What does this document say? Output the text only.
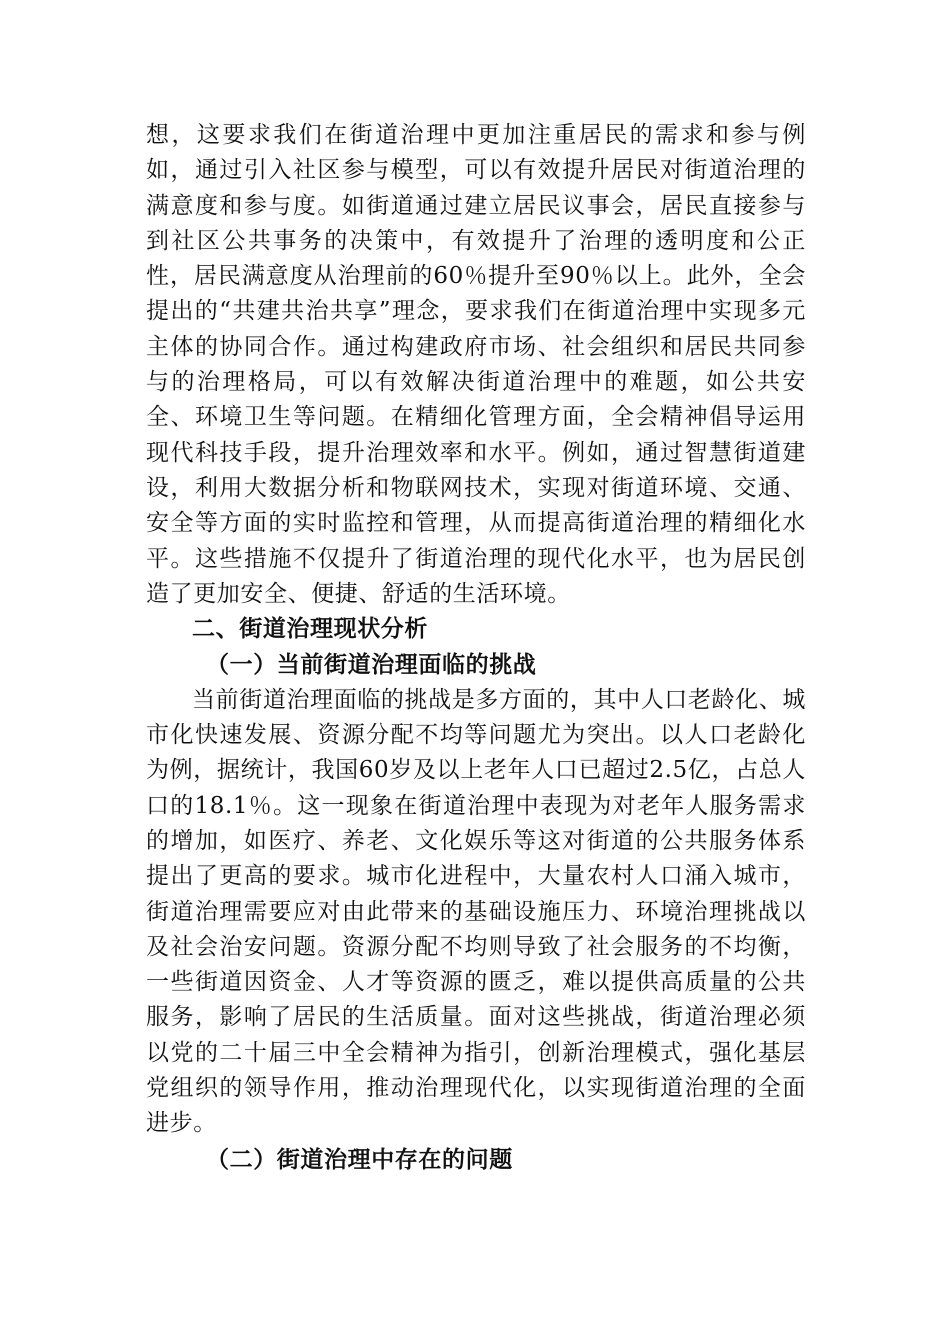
想，这要求我们在街道治理中更加注重居民的需求和参与例如，通过引入社区参与模型，可以有效提升居民对街道治理的满意度和参与度。如街道通过建立居民议事会，居民直接参与到社区公共事务的决策中，有效提升了治理的透明度和公正性，居民满意度从治理前的60％提升至90％以上。此外，全会提出的“共建共治共享”理念，要求我们在街道治理中实现多元主体的协同合作。通过构建政府市场、社会组织和居民共同参与的治理格局，可以有效解决街道治理中的难题，如公共安全、环境卫生等问题。在精细化管理方面，全会精神倡导运用现代科技手段，提升治理效率和水平。例如，通过智慧街道建设，利用大数据分析和物联网技术，实现对街道环境、交通、安全等方面的实时监控和管理，从而提高街道治理的精细化水平。这些措施不仅提升了街道治理的现代化水平，也为居民创造了更加安全、便捷、舒适的生活环境。

二、街道治理现状分析
（一）当前街道治理面临的挑战

当前街道治理面临的挑战是多方面的，其中人口老龄化、城市化快速发展、资源分配不均等问题尤为突出。以人口老龄化为例，据统计，我国60岁及以上老年人口已超过2.5亿，占总人口的18.1％。这一现象在街道治理中表现为对老年人服务需求的增加，如医疗、养老、文化娱乐等这对街道的公共服务体系提出了更高的要求。城市化进程中，大量农村人口涌入城市，街道治理需要应对由此带来的基础设施压力、环境治理挑战以及社会治安问题。资源分配不均则导致了社会服务的不均衡，一些街道因资金、人才等资源的匮乏，难以提供高质量的公共服务，影响了居民的生活质量。面对这些挑战，街道治理必须以党的二十届三中全会精神为指引，创新治理模式，强化基层党组织的领导作用，推动治理现代化，以实现街道治理的全面进步。

（二）街道治理中存在的问题
